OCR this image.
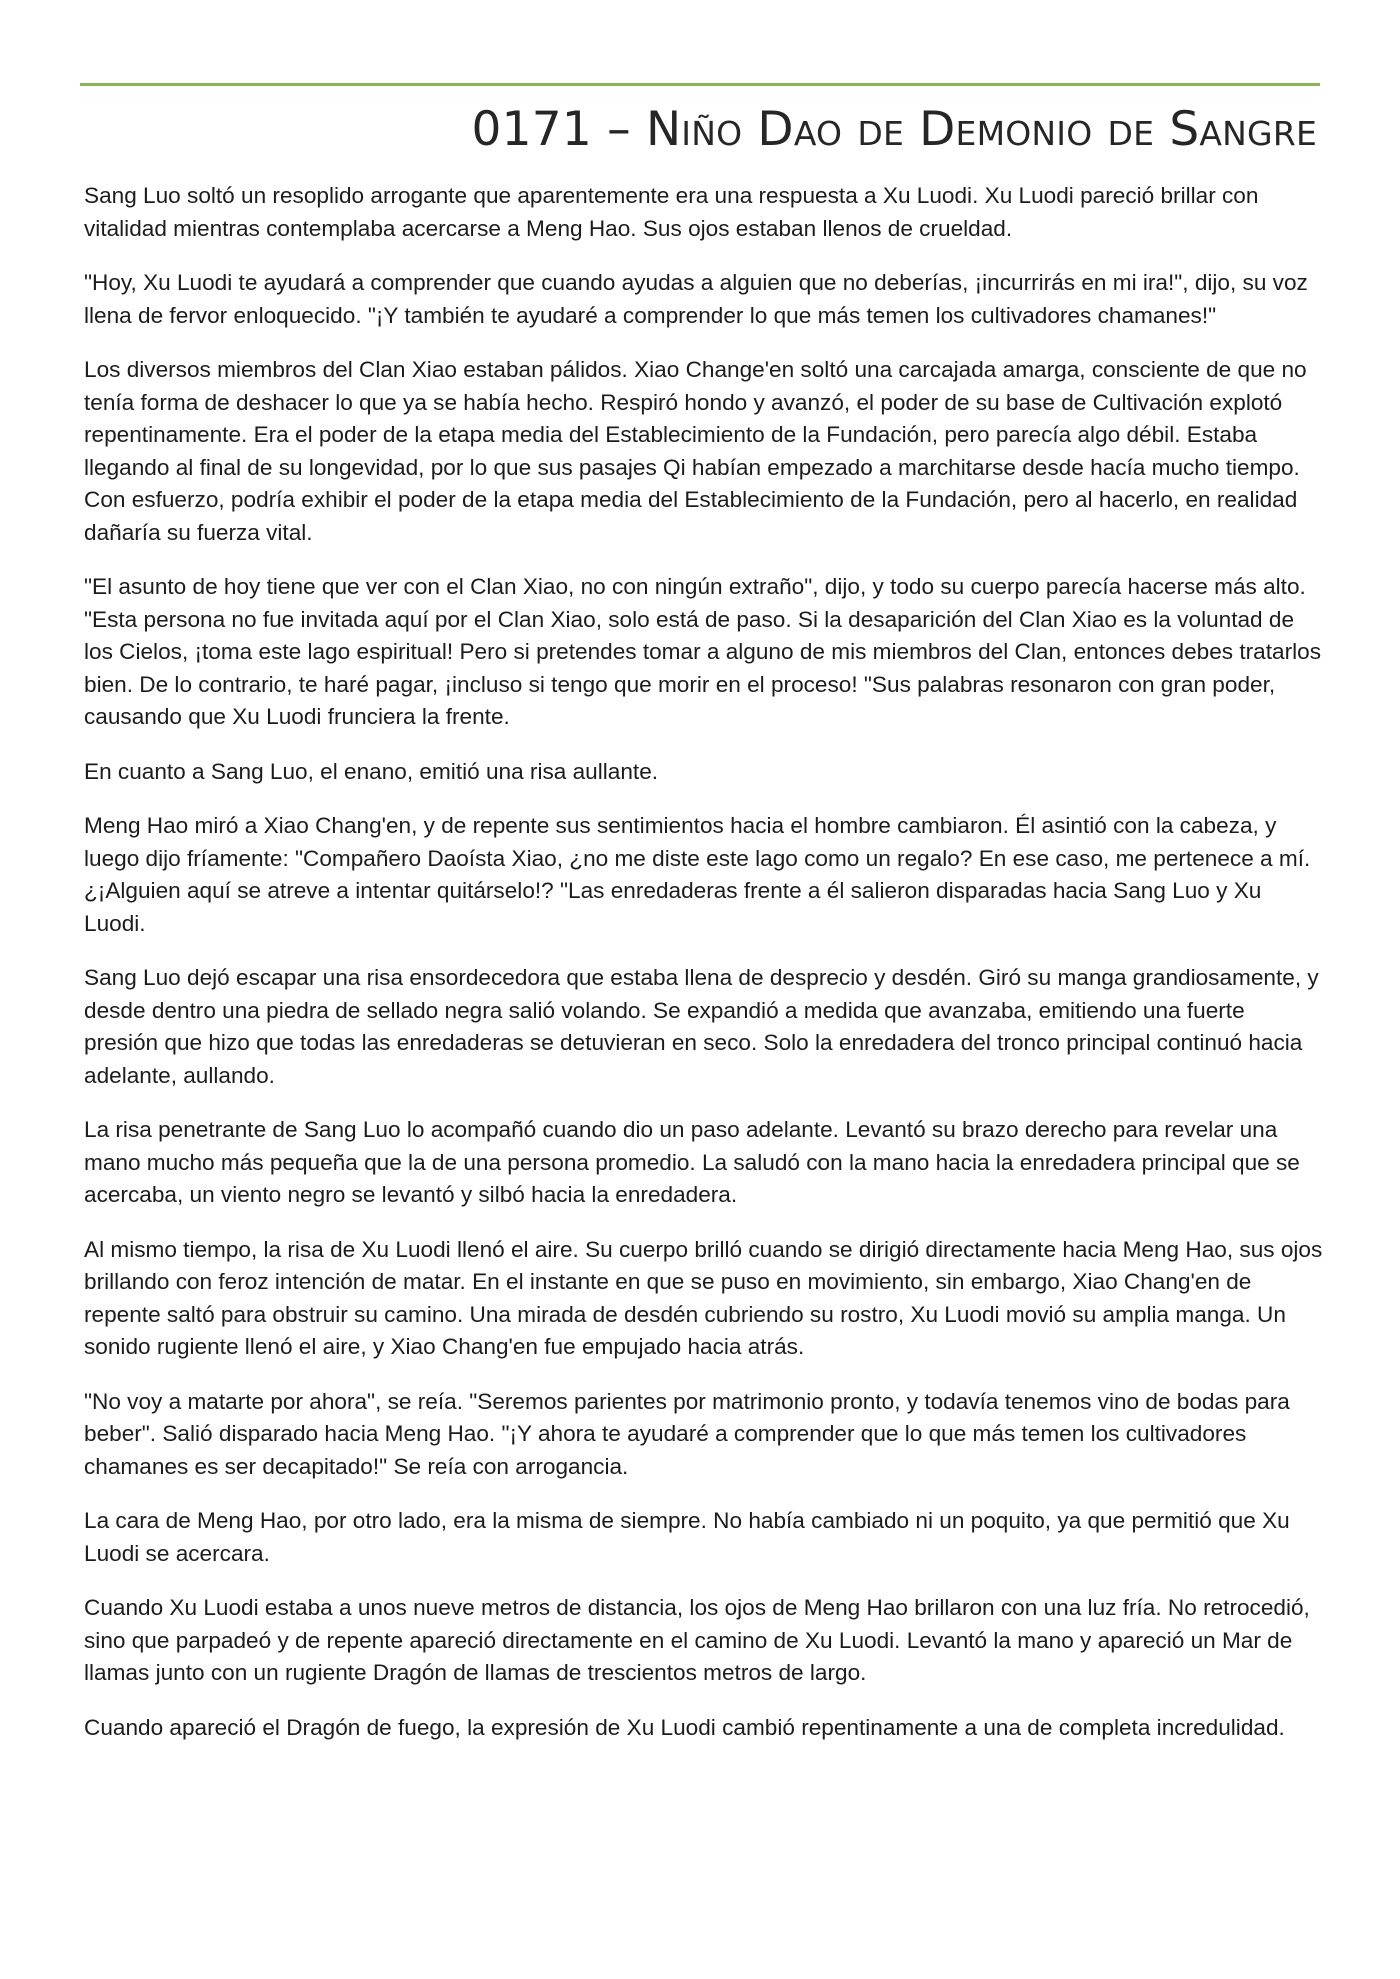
0171 – Niño Dao de Demonio de Sangre

Sang Luo soltó un resoplido arrogante que aparentemente era una respuesta a Xu Luodi. Xu Luodi pareció brillar con vitalidad mientras contemplaba acercarse a Meng Hao. Sus ojos estaban llenos de crueldad.

"Hoy, Xu Luodi te ayudará a comprender que cuando ayudas a alguien que no deberías, ¡incurrirás en mi ira!", dijo, su voz llena de fervor enloquecido. "¡Y también te ayudaré a comprender lo que más temen los cultivadores chamanes!"

Los diversos miembros del Clan Xiao estaban pálidos. Xiao Change'en soltó una carcajada amarga, consciente de que no tenía forma de deshacer lo que ya se había hecho. Respiró hondo y avanzó, el poder de su base de Cultivación explotó repentinamente. Era el poder de la etapa media del Establecimiento de la Fundación, pero parecía algo débil. Estaba llegando al final de su longevidad, por lo que sus pasajes Qi habían empezado a marchitarse desde hacía mucho tiempo. Con esfuerzo, podría exhibir el poder de la etapa media del Establecimiento de la Fundación, pero al hacerlo, en realidad dañaría su fuerza vital.

"El asunto de hoy tiene que ver con el Clan Xiao, no con ningún extraño", dijo, y todo su cuerpo parecía hacerse más alto. "Esta persona no fue invitada aquí por el Clan Xiao, solo está de paso. Si la desaparición del Clan Xiao es la voluntad de los Cielos, ¡toma este lago espiritual! Pero si pretendes tomar a alguno de mis miembros del Clan, entonces debes tratarlos bien. De lo contrario, te haré pagar, ¡incluso si tengo que morir en el proceso! "Sus palabras resonaron con gran poder, causando que Xu Luodi frunciera la frente.

En cuanto a Sang Luo, el enano, emitió una risa aullante.

Meng Hao miró a Xiao Chang'en, y de repente sus sentimientos hacia el hombre cambiaron. Él asintió con la cabeza, y luego dijo fríamente: "Compañero Daoísta Xiao, ¿no me diste este lago como un regalo? En ese caso, me pertenece a mí. ¿¡Alguien aquí se atreve a intentar quitárselo!? "Las enredaderas frente a él salieron disparadas hacia Sang Luo y Xu Luodi.

Sang Luo dejó escapar una risa ensordecedora que estaba llena de desprecio y desdén. Giró su manga grandiosamente, y desde dentro una piedra de sellado negra salió volando. Se expandió a medida que avanzaba, emitiendo una fuerte presión que hizo que todas las enredaderas se detuvieran en seco. Solo la enredadera del tronco principal continuó hacia adelante, aullando.

La risa penetrante de Sang Luo lo acompañó cuando dio un paso adelante. Levantó su brazo derecho para revelar una mano mucho más pequeña que la de una persona promedio. La saludó con la mano hacia la enredadera principal que se acercaba, un viento negro se levantó y silbó hacia la enredadera.

Al mismo tiempo, la risa de Xu Luodi llenó el aire. Su cuerpo brilló cuando se dirigió directamente hacia Meng Hao, sus ojos brillando con feroz intención de matar. En el instante en que se puso en movimiento, sin embargo, Xiao Chang'en de repente saltó para obstruir su camino. Una mirada de desdén cubriendo su rostro, Xu Luodi movió su amplia manga. Un sonido rugiente llenó el aire, y Xiao Chang'en fue empujado hacia atrás.

"No voy a matarte por ahora", se reía. "Seremos parientes por matrimonio pronto, y todavía tenemos vino de bodas para beber". Salió disparado hacia Meng Hao. "¡Y ahora te ayudaré a comprender que lo que más temen los cultivadores chamanes es ser decapitado!" Se reía con arrogancia.

La cara de Meng Hao, por otro lado, era la misma de siempre. No había cambiado ni un poquito, ya que permitió que Xu Luodi se acercara.

Cuando Xu Luodi estaba a unos nueve metros de distancia, los ojos de Meng Hao brillaron con una luz fría. No retrocedió, sino que parpadeó y de repente apareció directamente en el camino de Xu Luodi. Levantó la mano y apareció un Mar de llamas junto con un rugiente Dragón de llamas de trescientos metros de largo.

Cuando apareció el Dragón de fuego, la expresión de Xu Luodi cambió repentinamente a una de completa incredulidad.
